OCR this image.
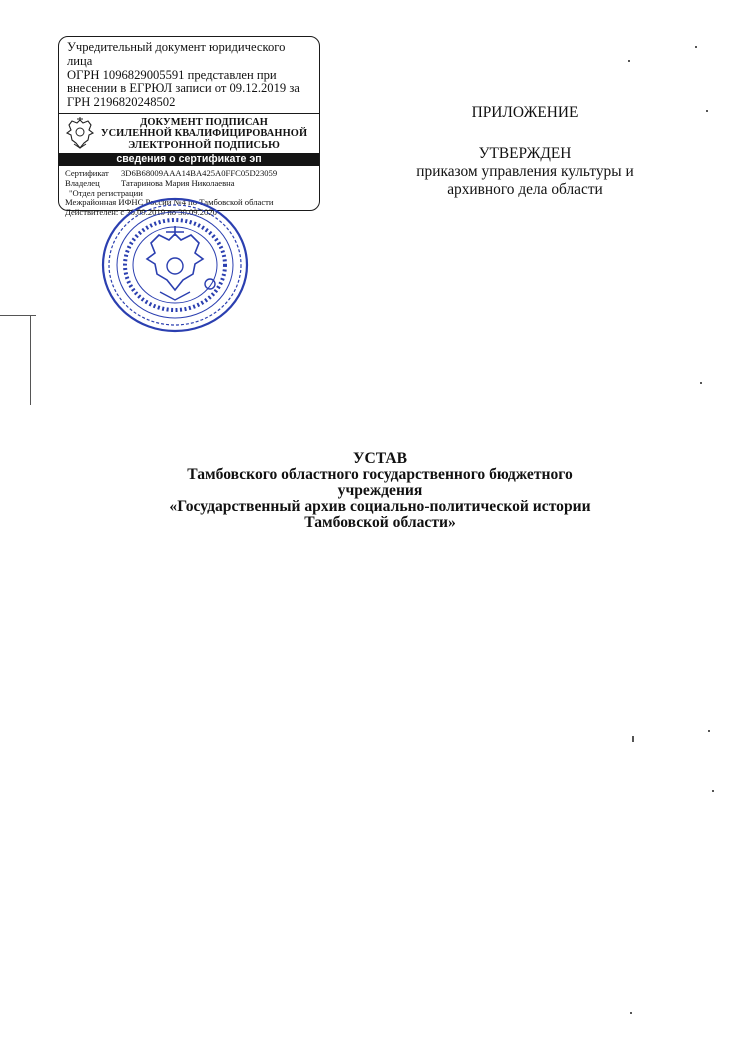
Учредительный документ юридического лица
ОГРН 1096829005591 представлен при
внесении в ЕГРЮЛ записи от 09.12.2019 за
ГРН 2196820248502
ДОКУМЕНТ ПОДПИСАН
УСИЛЕННОЙ КВАЛИФИЦИРОВАННОЙ
ЭЛЕКТРОННОЙ ПОДПИСЬЮ
сведения о сертификате эп
Сертификат	3D6B68009AAA14BA425A0FFC05D23059
Владелец	Татаринова Мария Николаевна
"Отдел регистрации
Межрайонная ИФНС России №4 по Тамбовской области
Действителен: с 30.09.2019 по 30.09.2020
ПРИЛОЖЕНИЕ
УТВЕРЖДЕН
приказом управления культуры и
архивного дела области
УСТАВ
Тамбовского областного государственного бюджетного
учреждения
«Государственный архив социально-политической истории
Тамбовской области»
